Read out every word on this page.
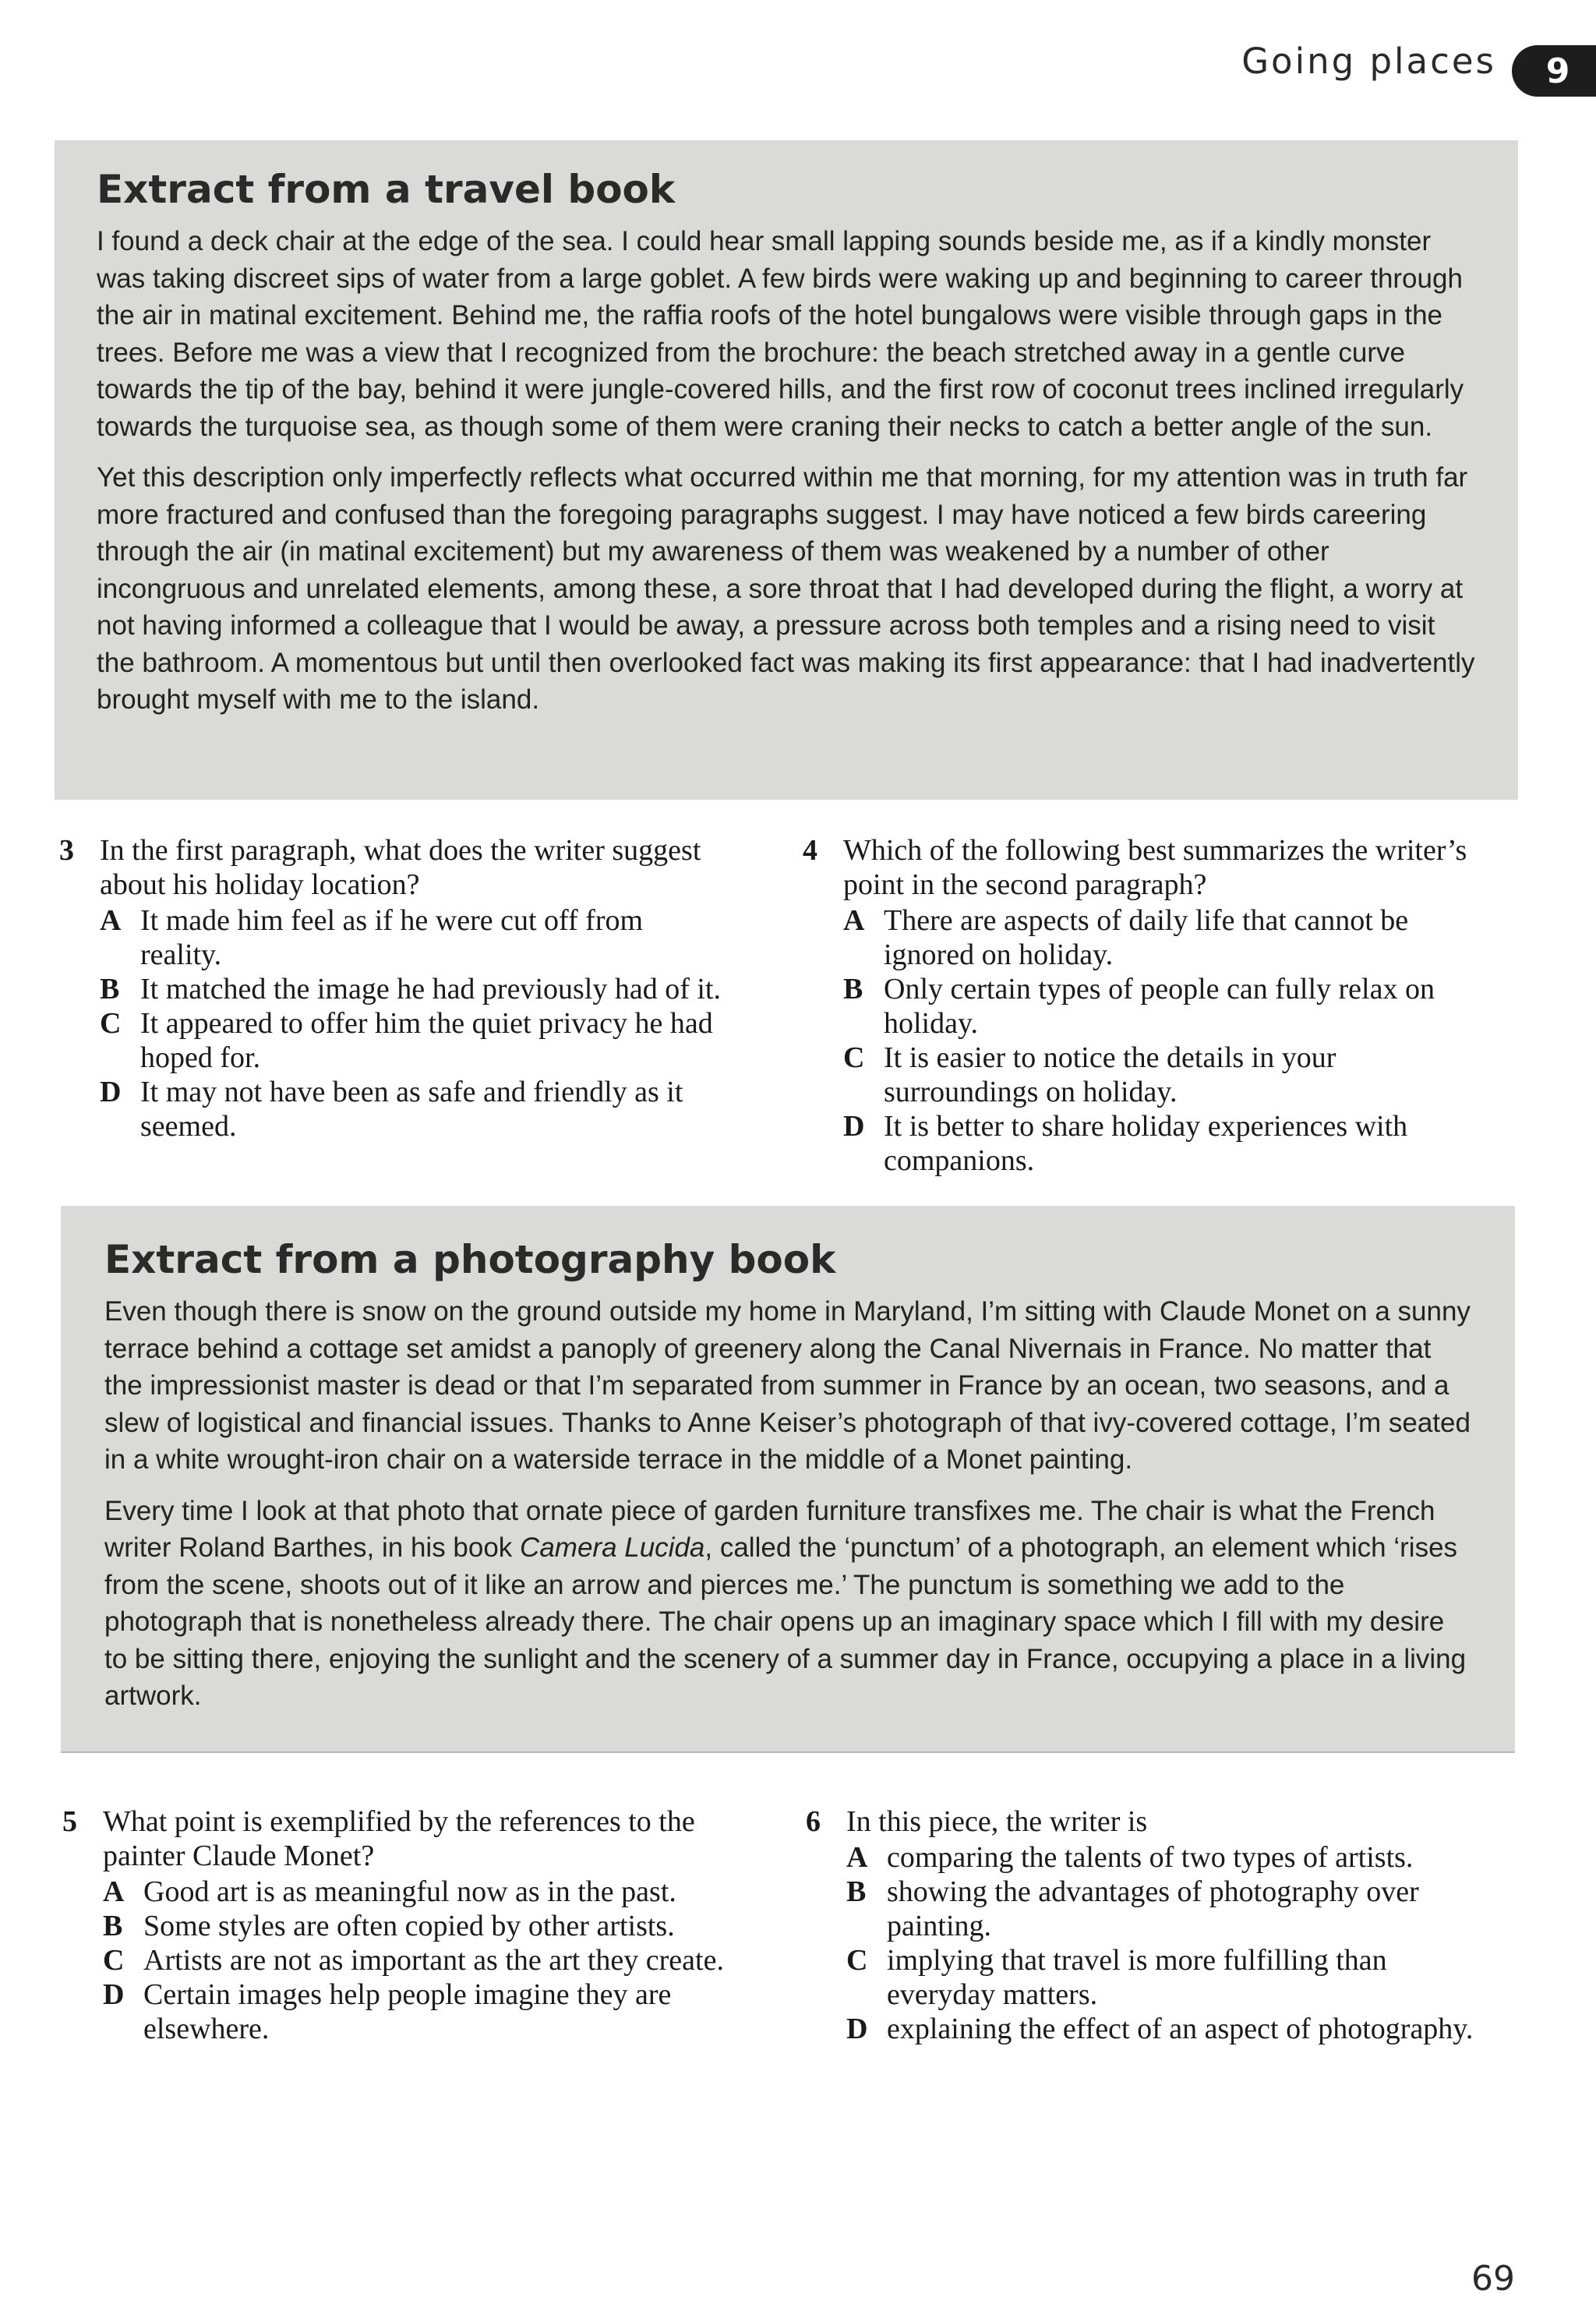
Going places	9
Extract from a travel book

I found a deck chair at the edge of the sea. I could hear small lapping sounds beside me, as if a kindly monster was taking discreet sips of water from a large goblet. A few birds were waking up and beginning to career through the air in matinal excitement. Behind me, the raffia roofs of the hotel bungalows were visible through gaps in the trees. Before me was a view that I recognized from the brochure: the beach stretched away in a gentle curve towards the tip of the bay, behind it were jungle-covered hills, and the first row of coconut trees inclined irregularly towards the turquoise sea, as though some of them were craning their necks to catch a better angle of the sun.

Yet this description only imperfectly reflects what occurred within me that morning, for my attention was in truth far more fractured and confused than the foregoing paragraphs suggest. I may have noticed a few birds careering through the air (in matinal excitement) but my awareness of them was weakened by a number of other incongruous and unrelated elements, among these, a sore throat that I had developed during the flight, a worry at not having informed a colleague that I would be away, a pressure across both temples and a rising need to visit the bathroom. A momentous but until then overlooked fact was making its first appearance: that I had inadvertently brought myself with me to the island.

3 In the first paragraph, what does the writer suggest about his holiday location?
A It made him feel as if he were cut off from reality.
B It matched the image he had previously had of it.
C It appeared to offer him the quiet privacy he had hoped for.
D It may not have been as safe and friendly as it seemed.
4 Which of the following best summarizes the writer’s point in the second paragraph?
A There are aspects of daily life that cannot be ignored on holiday.
B Only certain types of people can fully relax on holiday.
C It is easier to notice the details in your surroundings on holiday.
D It is better to share holiday experiences with companions.
Extract from a photography book

Even though there is snow on the ground outside my home in Maryland, I’m sitting with Claude Monet on a sunny terrace behind a cottage set amidst a panoply of greenery along the Canal Nivernais in France. No matter that the impressionist master is dead or that I’m separated from summer in France by an ocean, two seasons, and a slew of logistical and financial issues. Thanks to Anne Keiser’s photograph of that ivy-covered cottage, I’m seated in a white wrought-iron chair on a waterside terrace in the middle of a Monet painting.

Every time I look at that photo that ornate piece of garden furniture transfixes me. The chair is what the French writer Roland Barthes, in his book Camera Lucida, called the ‘punctum’ of a photograph, an element which ‘rises from the scene, shoots out of it like an arrow and pierces me.’ The punctum is something we add to the photograph that is nonetheless already there. The chair opens up an imaginary space which I fill with my desire to be sitting there, enjoying the sunlight and the scenery of a summer day in France, occupying a place in a living artwork.

5 What point is exemplified by the references to the painter Claude Monet?
A Good art is as meaningful now as in the past.
B Some styles are often copied by other artists.
C Artists are not as important as the art they create.
D Certain images help people imagine they are elsewhere.
6 In this piece, the writer is
A comparing the talents of two types of artists.
B showing the advantages of photography over painting.
C implying that travel is more fulfilling than everyday matters.
D explaining the effect of an aspect of photography.
69
